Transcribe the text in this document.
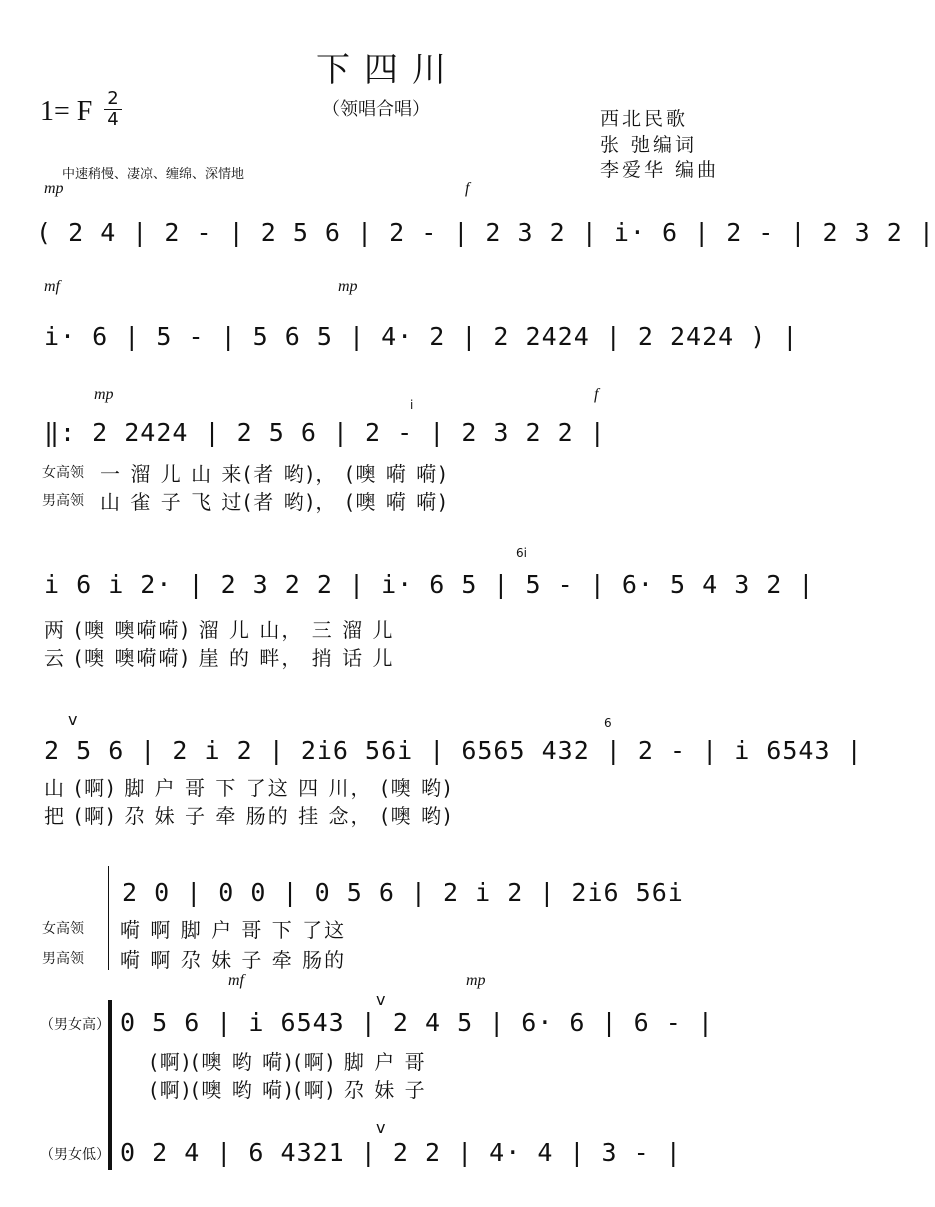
下四川
（领唱合唱）
1= F 2
4	西北民歌
张 弛编词
李爱华 编曲
中速稍慢、凄凉、缠绵、深情地
mp	f
( 2 4 | 2 - | 2 5 6 | 2 - | 2 3 2 | i· 6 | 2 - | 2 3 2 |
mf	mp
i· 6 | 5 - | 5 6 5 | 4· 2 | 2 2424 | 2 2424 ) |
mp	f
i
‖: 2 2424 | 2 5 6 | 2 - | 2 3 2 2 |
女高领 一 溜 儿 山 来(者 哟)， (噢 嗬 嗬)
男高领 山 雀 子 飞 过(者 哟)， (噢 嗬 嗬)
6i
i 6 i 2· | 2 3 2 2 | i· 6 5 | 5 - | 6· 5 4 3 2 |
两 (噢 噢嗬嗬) 溜 儿 山， 三 溜 儿
云 (噢 噢嗬嗬) 崖 的 畔， 捎 话 儿
v	6
2 5 6 | 2 i 2 | 2i6 56i | 6565 432 | 2 - | i 6543 |
山 (啊) 脚 户 哥 下 了这 四 川， (噢 哟)
把 (啊) 尕 妹 子 牵 肠的 挂 念， (噢 哟)
2 0 | 0 0 | 0 5 6 | 2 i 2 | 2i6 56i
女高领 嗬 啊 脚 户 哥 下 了这
男高领 嗬 啊 尕 妹 子 牵 肠的
mf	mp
v
（男女高） 0 5 6 | i 6543 | 2 4 5 | 6· 6 | 6 - |
(啊)(噢 哟 嗬)(啊) 脚 户 哥
(啊)(噢 哟 嗬)(啊) 尕 妹 子
v
（男女低） 0 2 4 | 6 4321 | 2 2 | 4· 4 | 3 - |
